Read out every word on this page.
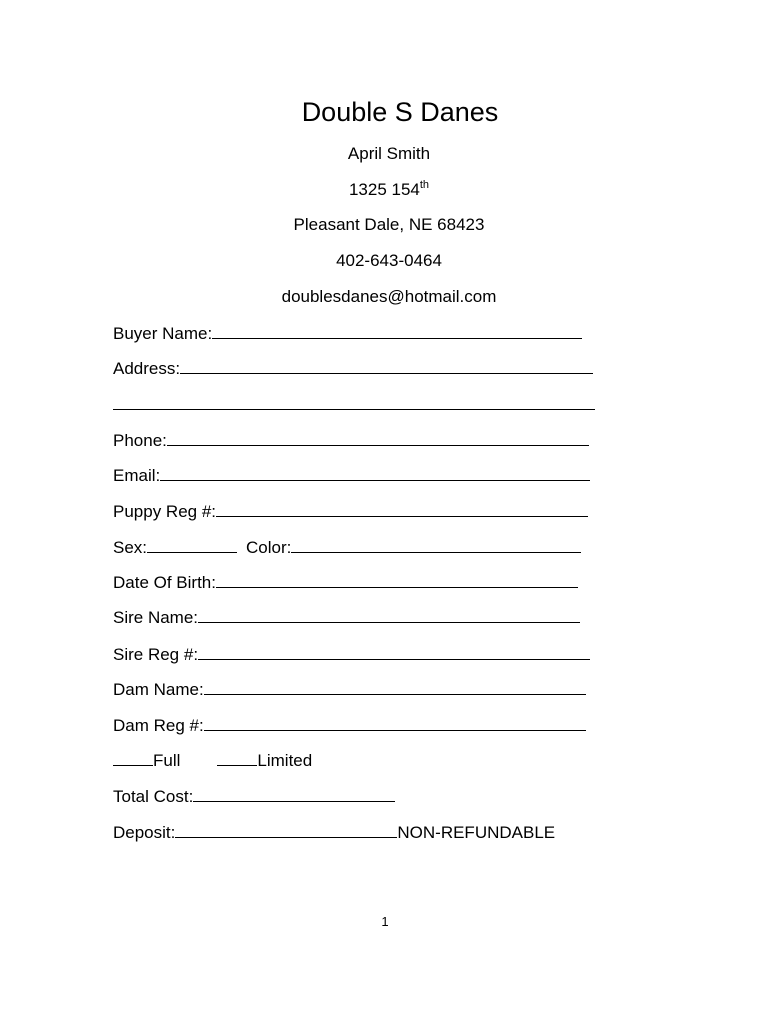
Double S Danes
April Smith
1325 154th
Pleasant Dale, NE 68423
402-643-0464
doublesdanes@hotmail.com
Buyer Name:
Address:
Phone:
Email:
Puppy Reg #:
Sex:	Color:
Date Of Birth:
Sire Name:
Sire Reg #:
Dam Name:
Dam Reg #:
Full	Limited
Total Cost:
Deposit:	NON-REFUNDABLE
1
